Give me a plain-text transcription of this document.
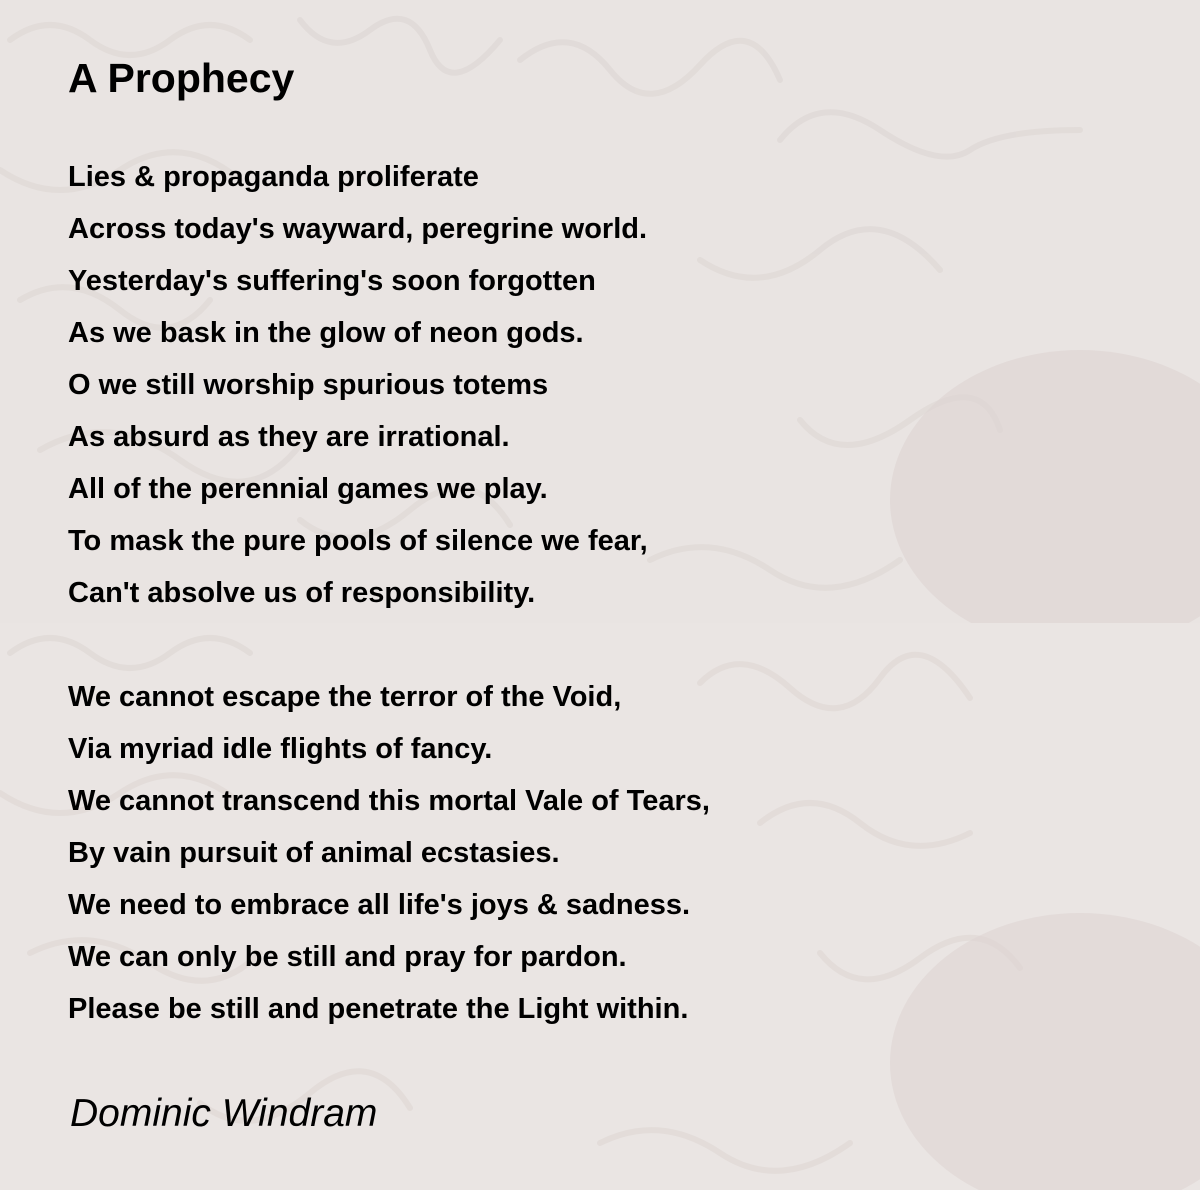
A Prophecy
Lies & propaganda proliferate
Across today's wayward, peregrine world.
Yesterday's suffering's soon forgotten
As we bask in the glow of neon gods.
O we still worship spurious totems
As absurd as they are irrational.
All of the perennial games we play.
To mask the pure pools of silence we fear,
Can't absolve us of responsibility.
We cannot escape the terror of the Void,
Via myriad idle flights of fancy.
We cannot transcend this mortal Vale of Tears,
By vain pursuit of animal ecstasies.
We need to embrace all life's joys & sadness.
We can only be still and pray for pardon.
Please be still and penetrate the Light within.

Dominic Windram
